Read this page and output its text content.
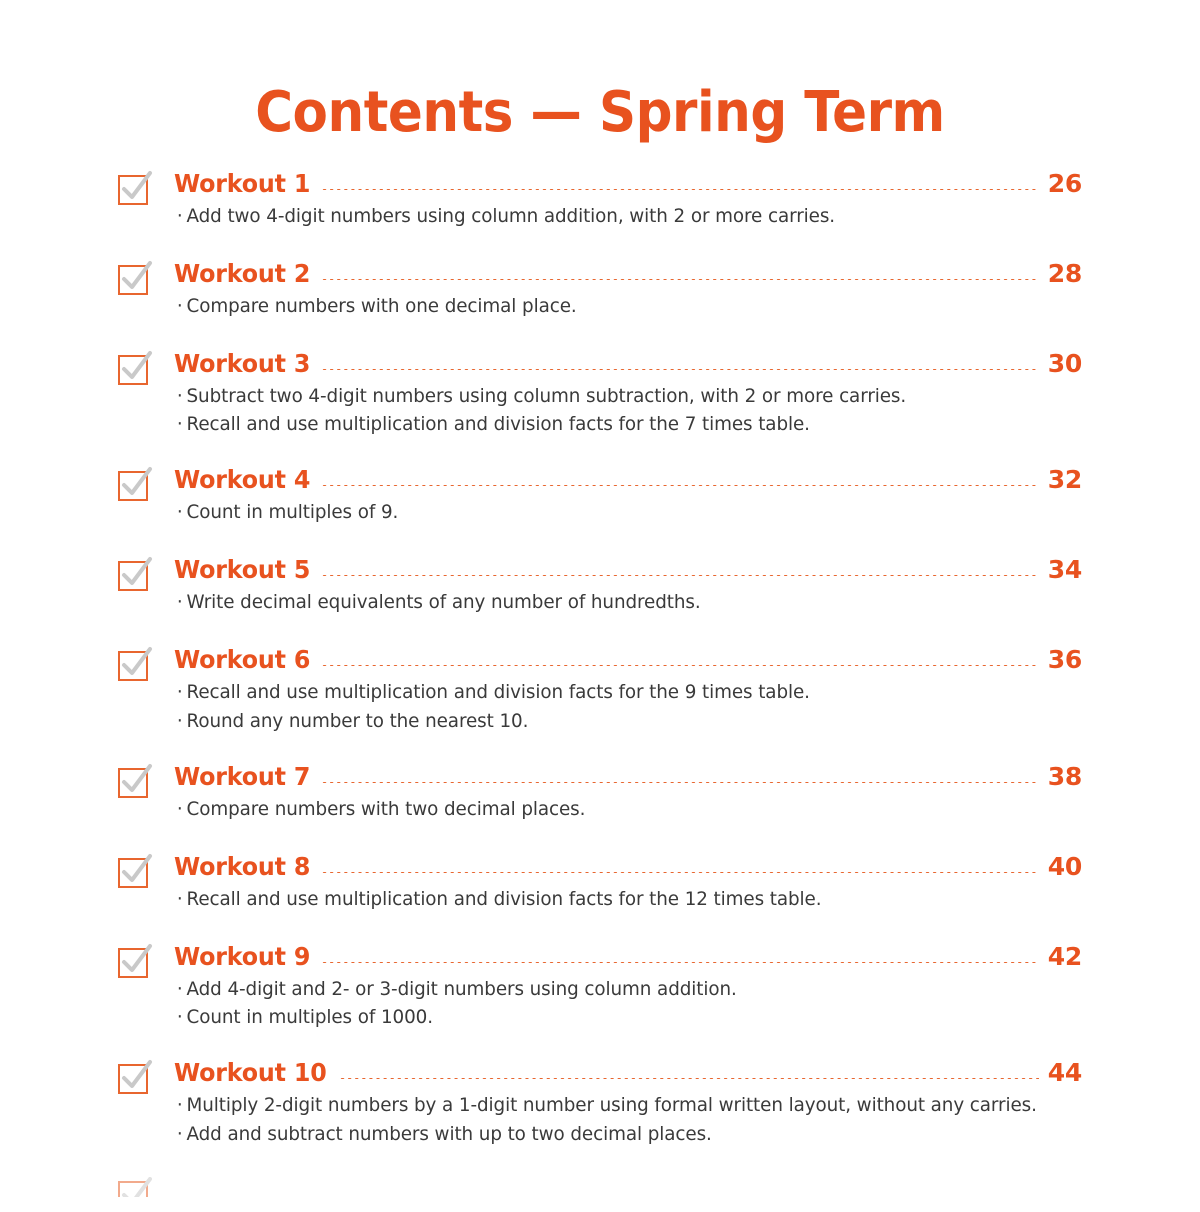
Contents — Spring Term
Workout 1	26
· Add two 4-digit numbers using column addition, with 2 or more carries.
Workout 2	28
· Compare numbers with one decimal place.
Workout 3	30
· Subtract two 4-digit numbers using column subtraction, with 2 or more carries.
· Recall and use multiplication and division facts for the 7 times table.
Workout 4	32
· Count in multiples of 9.
Workout 5	34
· Write decimal equivalents of any number of hundredths.
Workout 6	36
· Recall and use multiplication and division facts for the 9 times table.
· Round any number to the nearest 10.
Workout 7	38
· Compare numbers with two decimal places.
Workout 8	40
· Recall and use multiplication and division facts for the 12 times table.
Workout 9	42
· Add 4-digit and 2- or 3-digit numbers using column addition.
· Count in multiples of 1000.
Workout 10	44
· Multiply 2-digit numbers by a 1-digit number using formal written layout, without any carries.
· Add and subtract numbers with up to two decimal places.
